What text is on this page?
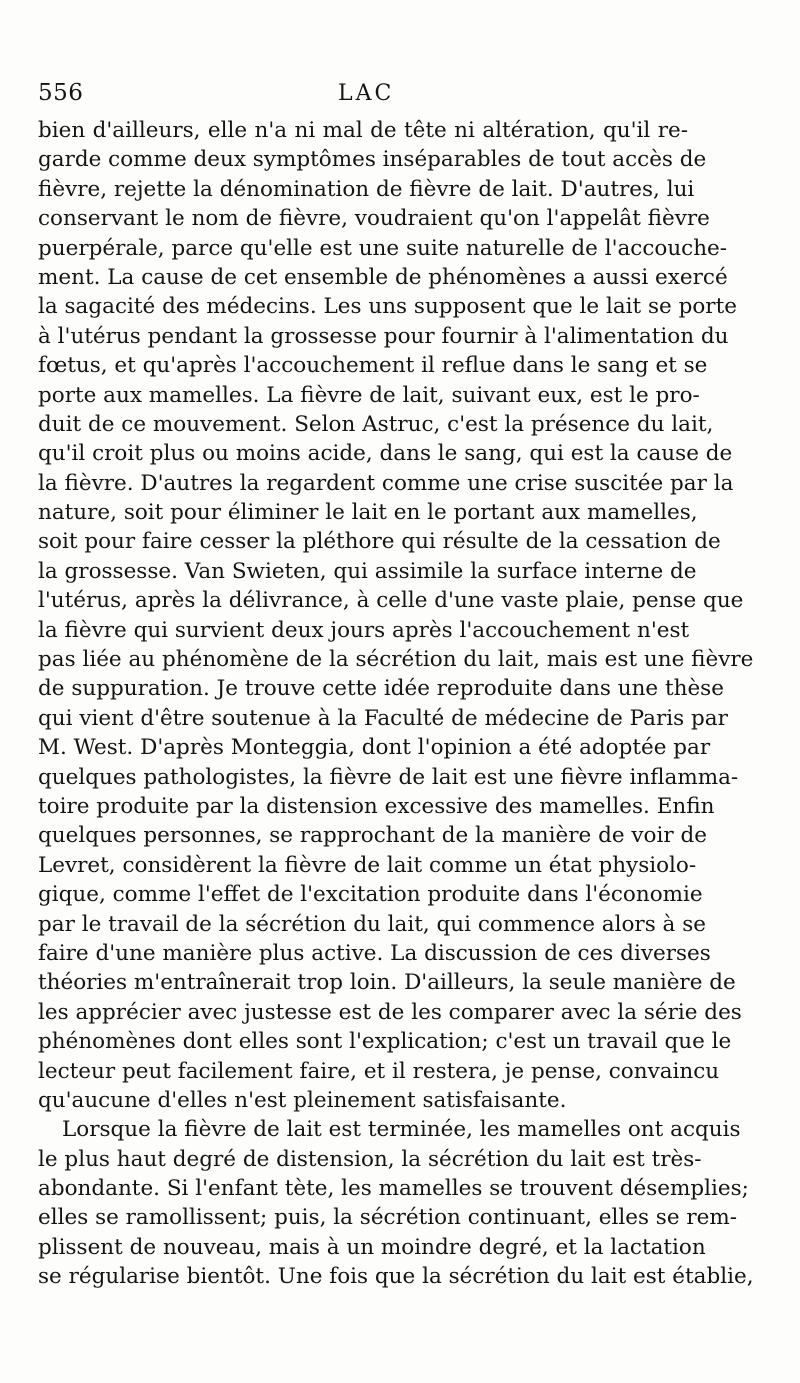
556	LAC
bien d'ailleurs, elle n'a ni mal de tête ni altération, qu'il re-
garde comme deux symptômes inséparables de tout accès de
fièvre, rejette la dénomination de fièvre de lait. D'autres, lui
conservant le nom de fièvre, voudraient qu'on l'appelât fièvre
puerpérale, parce qu'elle est une suite naturelle de l'accouche-
ment. La cause de cet ensemble de phénomènes a aussi exercé
la sagacité des médecins. Les uns supposent que le lait se porte
à l'utérus pendant la grossesse pour fournir à l'alimentation du
fœtus, et qu'après l'accouchement il reflue dans le sang et se
porte aux mamelles. La fièvre de lait, suivant eux, est le pro-
duit de ce mouvement. Selon Astruc, c'est la présence du lait,
qu'il croit plus ou moins acide, dans le sang, qui est la cause de
la fièvre. D'autres la regardent comme une crise suscitée par la
nature, soit pour éliminer le lait en le portant aux mamelles,
soit pour faire cesser la pléthore qui résulte de la cessation de
la grossesse. Van Swieten, qui assimile la surface interne de
l'utérus, après la délivrance, à celle d'une vaste plaie, pense que
la fièvre qui survient deux jours après l'accouchement n'est
pas liée au phénomène de la sécrétion du lait, mais est une fièvre
de suppuration. Je trouve cette idée reproduite dans une thèse
qui vient d'être soutenue à la Faculté de médecine de Paris par
M. West. D'après Monteggia, dont l'opinion a été adoptée par
quelques pathologistes, la fièvre de lait est une fièvre inflamma-
toire produite par la distension excessive des mamelles. Enfin
quelques personnes, se rapprochant de la manière de voir de
Levret, considèrent la fièvre de lait comme un état physiolo-
gique, comme l'effet de l'excitation produite dans l'économie
par le travail de la sécrétion du lait, qui commence alors à se
faire d'une manière plus active. La discussion de ces diverses
théories m'entraînerait trop loin. D'ailleurs, la seule manière de
les apprécier avec justesse est de les comparer avec la série des
phénomènes dont elles sont l'explication; c'est un travail que le
lecteur peut facilement faire, et il restera, je pense, convaincu
qu'aucune d'elles n'est pleinement satisfaisante.
Lorsque la fièvre de lait est terminée, les mamelles ont acquis
le plus haut degré de distension, la sécrétion du lait est très-
abondante. Si l'enfant tète, les mamelles se trouvent désemplies;
elles se ramollissent; puis, la sécrétion continuant, elles se rem-
plissent de nouveau, mais à un moindre degré, et la lactation
se régularise bientôt. Une fois que la sécrétion du lait est établie,
